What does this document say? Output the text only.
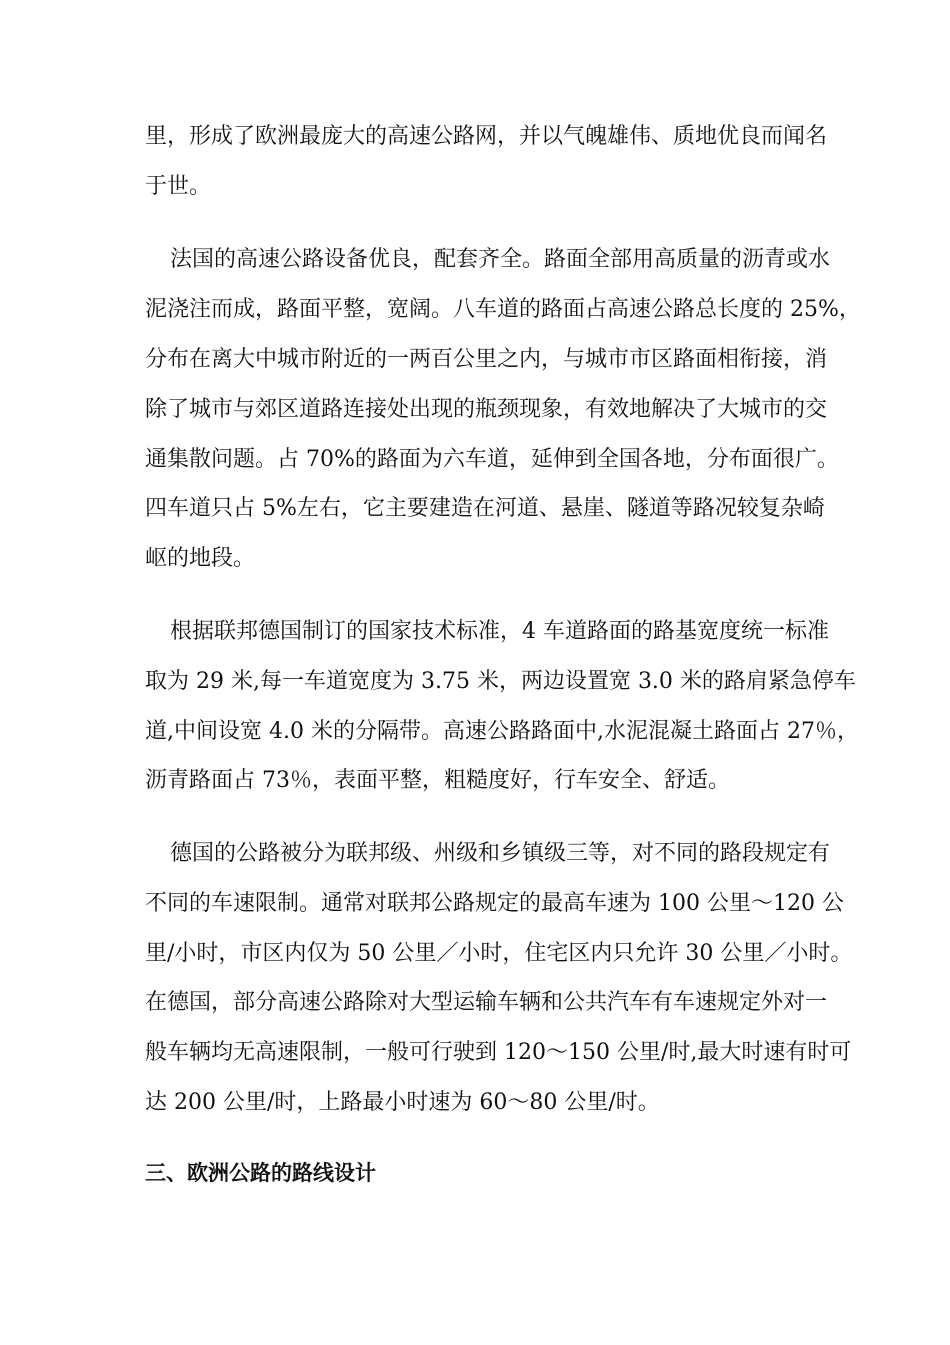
里，形成了欧洲最庞大的高速公路网，并以气魄雄伟、质地优良而闻名
于世。
法国的高速公路设备优良，配套齐全。路面全部用高质量的沥青或水
泥浇注而成，路面平整，宽阔。八车道的路面占高速公路总长度的 25%，
分布在离大中城市附近的一两百公里之内，与城市市区路面相衔接，消
除了城市与郊区道路连接处出现的瓶颈现象，有效地解决了大城市的交
通集散问题。占 70%的路面为六车道，延伸到全国各地，分布面很广。
四车道只占 5%左右，它主要建造在河道、悬崖、隧道等路况较复杂崎
岖的地段。
根据联邦德国制订的国家技术标准，4 车道路面的路基宽度统一标准
取为 29 米,每一车道宽度为 3.75 米，两边设置宽 3.0 米的路肩紧急停车
道,中间设宽 4.0 米的分隔带。高速公路路面中,水泥混凝土路面占 27％，
沥青路面占 73％，表面平整，粗糙度好，行车安全、舒适。
德国的公路被分为联邦级、州级和乡镇级三等，对不同的路段规定有
不同的车速限制。通常对联邦公路规定的最高车速为 100 公里～120 公
里/小时，市区内仅为 50 公里／小时，住宅区内只允许 30 公里／小时。
在德国，部分高速公路除对大型运输车辆和公共汽车有车速规定外对一
般车辆均无高速限制，一般可行驶到 120～150 公里/时,最大时速有时可
达 200 公里/时，上路最小时速为 60～80 公里/时。
三、欧洲公路的路线设计
